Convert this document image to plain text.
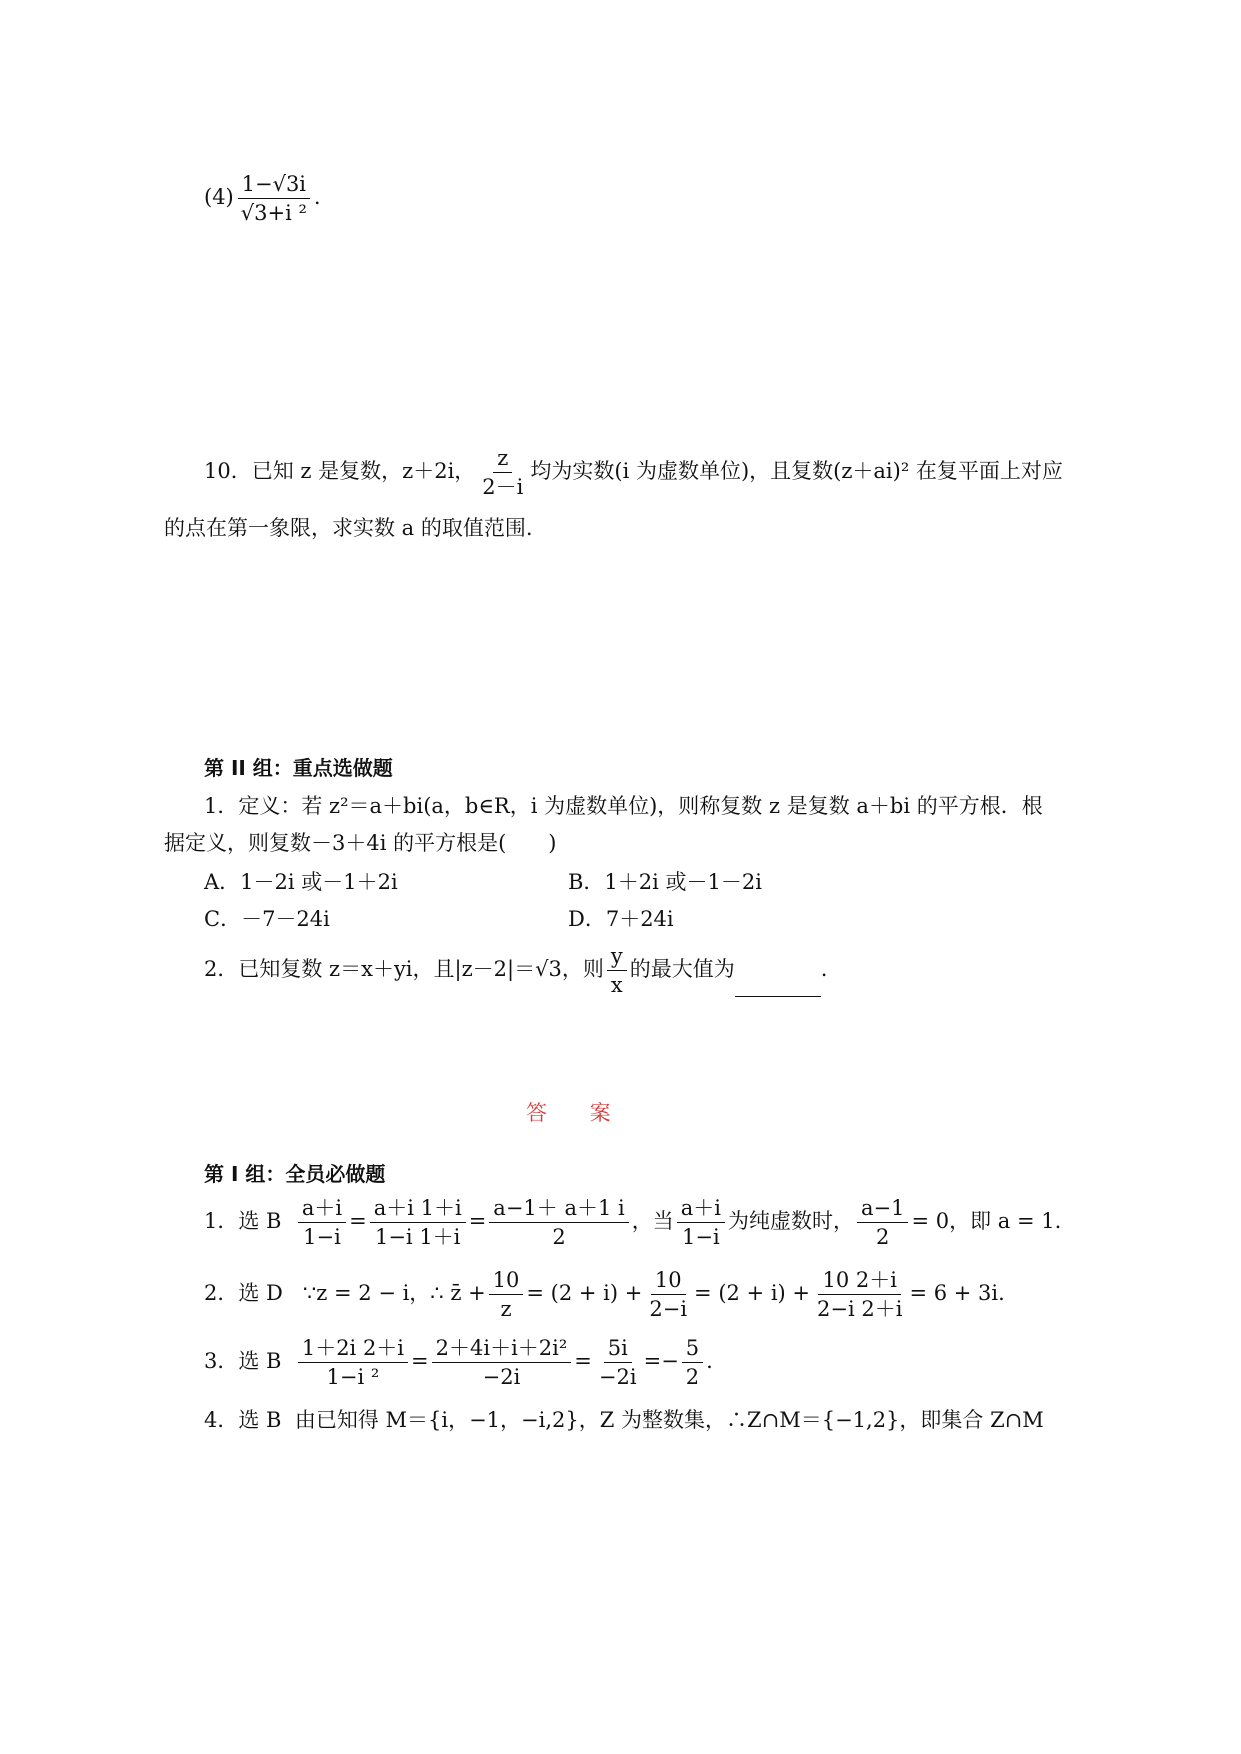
$(4) \frac{1-√3i}{\text{√3+i ²}}$ .
10．已知 z 是复数，z＋2i， $\frac{z}{2-i}$ 均为实数(i 为虚数单位)，且复数(z＋ai)² 在复平面上对应
的点在第一象限，求实数 a 的取值范围.
第 II 组：重点选做题
1．定义：若 z²＝a＋bi(a，b∈R，i 为虚数单位)，则称复数 z 是复数 a＋bi 的平方根．根
据定义，则复数－3＋4i 的平方根是(　　)
A．1－2i 或－1＋2i	B．1＋2i 或－1－2i
C．－7－24i	D．7＋24i
2．已知复数 z＝x＋yi，且|z－2|＝√3，则 $\frac{y}{x}$ 的最大值为	.
答 案
第 I 组：全员必做题
1．选 B $\frac{a+i}{1-i} = \frac{a+i 1+i}{1-i 1+i} = \frac{a-1+ a+1 i}{2}$ ，当 $\frac{a+i}{1-i}$ 为纯虚数时， $\frac{a-1}{2} = 0$，即 a = 1.
2．选 D ∵z = 2 − i，∴ z̄ + $\frac{10}{z} = (2 + i) + \frac{10}{2-i} = (2 + i) + \frac{10 2+i}{2-i 2+i} = 6 + 3i$.
3．选 B $\frac{1+2i 2+i}{\text{1−i ²}} = \frac{\text{2＋4i＋i＋2i²}}{-2i} = \frac{5i}{-2i} =- \frac{5}{2}$ .
4．选 B 由已知得 M＝{i，−1，−i,2}，Z 为整数集，∴Z∩M＝{−1,2}，即集合 Z∩M
